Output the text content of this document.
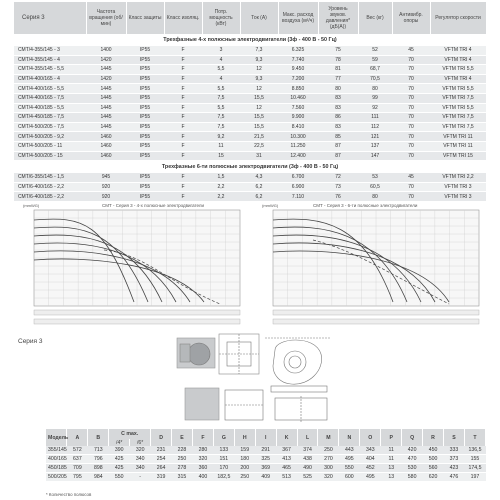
Серия 3	Частота вращения (об/мин)	Класс защиты	Класс изоляц.	Потр. мощность (кВт)	Ток (А)	Макс. расход воздуха (м³/ч)	Уровень звуков. давления* (дБ(А))	Вес (кг)	Антивибр. опоры	Регулятор скорости
Трехфазные 4-х полюсные электродвигатели (3ф - 400 В - 50 Гц)										
СМТ/4-355/145 - 3	1400	IP55	F	3	7,3	6.325	75	52	45	VFTM TRI 4
СМТ/4-355/145 - 4	1420	IP55	F	4	9,3	7.740	78	59	70	VFTM TRI 4
СМТ/4-355/145 - 5,5	1445	IP55	F	5,5	12	9.450	81	68,7	70	VFTM TRI 5,5
СМТ/4-400/165 - 4	1420	IP55	F	4	9,3	7.200	77	70,5	70	VFTM TRI 4
СМТ/4-400/165 - 5,5	1445	IP55	F	5,5	12	8.850	80	80	70	VFTM TRI 5,5
СМТ/4-400/165 - 7,5	1445	IP55	F	7,5	15,5	10.460	83	99	70	VFTM TRI 7,5
СМТ/4-400/185 - 5,5	1445	IP55	F	5,5	12	7.560	83	92	70	VFTM TRI 5,5
СМТ/4-450/185 - 7,5	1445	IP55	F	7,5	15,5	9.900	86	111	70	VFTM TRI 7,5
СМТ/4-500/205 - 7,5	1445	IP55	F	7,5	15,5	8.410	83	112	70	VFTM TRI 7,5
СМТ/4-500/205 - 9,2	1460	IP55	F	9,2	21,5	10.300	85	121	70	VFTM TRI 11
СМТ/4-500/205 - 11	1460	IP55	F	11	22,5	11.250	87	137	70	VFTM TRI 11
СМТ/4-500/205 - 15	1460	IP55	F	15	31	12.400	87	147	70	VFTM TRI 15
Трехфазные 6-ти полюсные электродвигатели (3ф - 400 В - 50 Гц)										
СМТ/6-355/145 - 1,5	945	IP55	F	1,5	4,3	6.700	72	53	45	VFTM TRI 2,2
СМТ/6-400/165 - 2,2	920	IP55	F	2,2	6,2	6.900	73	60,5	70	VFTM TRI 3
СМТ/6-400/185 - 2,2	920	IP55	F	2,2	6,2	7.110	76	80	70	VFTM TRI 3
СМТ - Серия 3 - 4-х полюсные электродвигатели
(mmWG)	СМТ - Серия 3 - 6-ти полюсные электродвигатели
(mmWG)
Серия 3
Модель	A	B	C max.		D	E	F	G	H	I	K	L	M	N	O	P	Q	R	S	T
			/4*	/6*																
355/145	572	713	390	320	231	228	280	133	159	291	367	374	250	443	343	11	420	450	333	136,5
400/165	637	796	425	340	254	250	320	151	180	325	413	438	270	495	404	11	470	500	373	155
450/185	709	898	425	340	264	278	360	170	200	369	465	490	300	550	452	13	530	560	423	174,5
500/205	795	984	550	-	319	315	400	182,5	250	409	513	525	320	600	495	13	580	620	476	197
* Количество полюсов
